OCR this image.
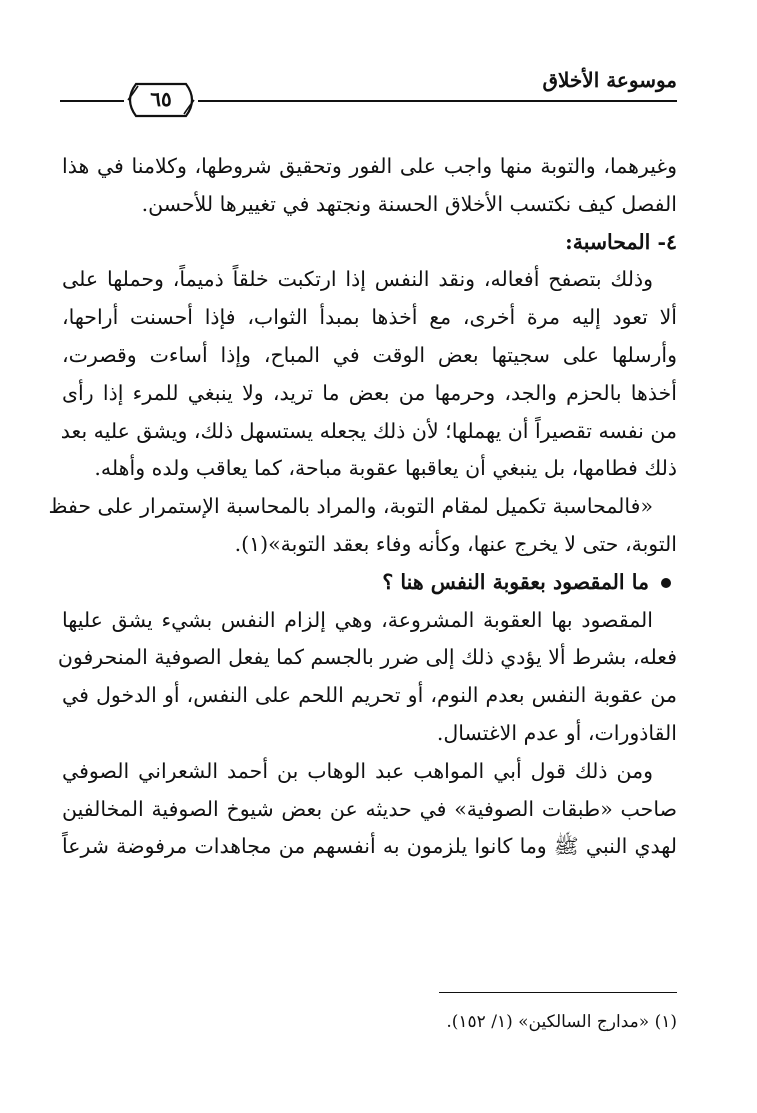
موسوعة الأخلاق
٦٥
وغيرهما، والتوبة منها واجب على الفور وتحقيق شروطها، وكلامنا في هذا
الفصل كيف نكتسب الأخلاق الحسنة ونجتهد في تغييرها للأحسن.
٤- المحاسبة:
وذلك بتصفح أفعاله، ونقد النفس إذا ارتكبت خلقاً ذميماً، وحملها على
ألا تعود إليه مرة أخرى، مع أخذها بمبدأ الثواب، فإذا أحسنت أراحها،
وأرسلها على سجيتها بعض الوقت في المباح، وإذا أساءت وقصرت،
أخذها بالحزم والجد، وحرمها من بعض ما تريد، ولا ينبغي للمرء إذا رأى
من نفسه تقصيراً أن يهملها؛ لأن ذلك يجعله يستسهل ذلك، ويشق عليه بعد
ذلك فطامها، بل ينبغي أن يعاقبها عقوبة مباحة، كما يعاقب ولده وأهله.
«فالمحاسبة تكميل لمقام التوبة، والمراد بالمحاسبة الإستمرار على حفظ
التوبة، حتى لا يخرج عنها، وكأنه وفاء بعقد التوبة»(١).
ما المقصود بعقوبة النفس هنا ؟
المقصود بها العقوبة المشروعة، وهي إلزام النفس بشيء يشق عليها
فعله، بشرط ألا يؤدي ذلك إلى ضرر بالجسم كما يفعل الصوفية المنحرفون
من عقوبة النفس بعدم النوم، أو تحريم اللحم على النفس، أو الدخول في
القاذورات، أو عدم الاغتسال.
ومن ذلك قول أبي المواهب عبد الوهاب بن أحمد الشعراني الصوفي
صاحب «طبقات الصوفية» في حديثه عن بعض شيوخ الصوفية المخالفين
لهدي النبي ﷺ وما كانوا يلزمون به أنفسهم من مجاهدات مرفوضة شرعاً
(١) «مدارج السالكين» (١/ ١٥٢).
